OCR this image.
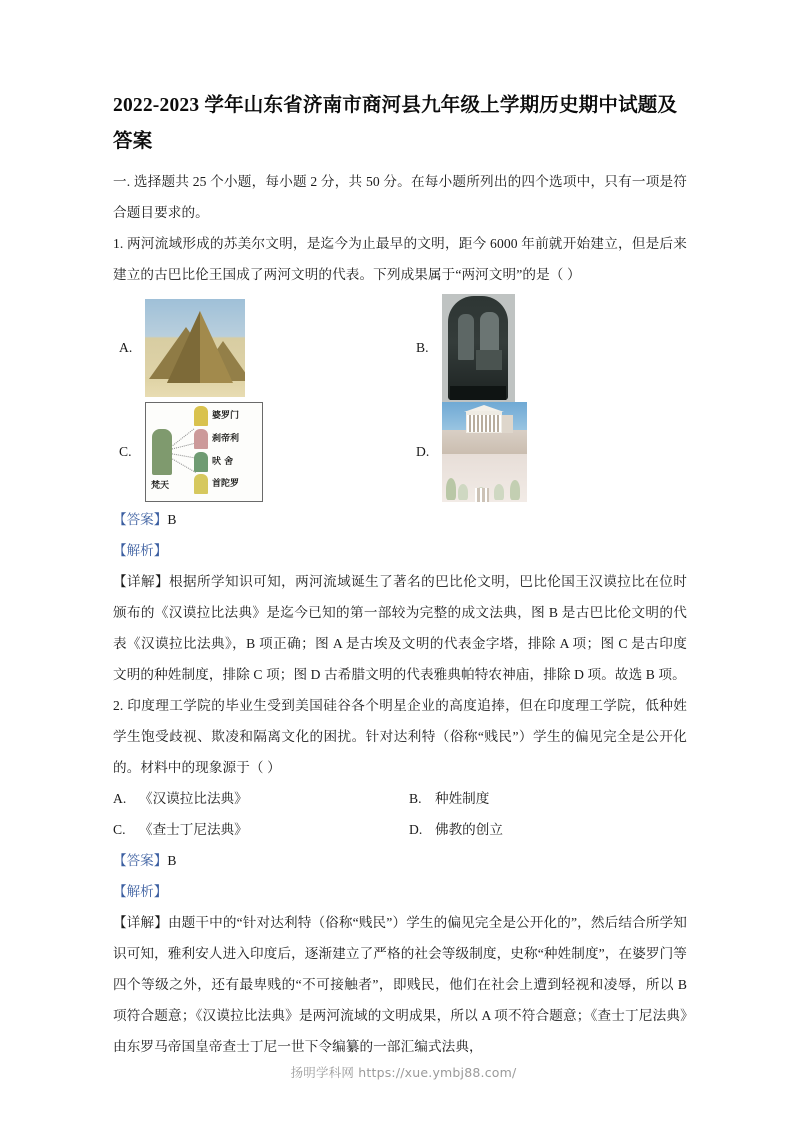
2022-2023 学年山东省济南市商河县九年级上学期历史期中试题及答案

一. 选择题共 25 个小题，每小题 2 分，共 50 分。在每小题所列出的四个选项中，只有一项是符合题目要求的。

1. 两河流域形成的苏美尔文明，是迄今为止最早的文明，距今 6000 年前就开始建立，但是后来建立的古巴比伦王国成了两河文明的代表。下列成果属于“两河文明”的是（ ）

A.	B.
C.
婆罗门
刹帝利
吠 舍
首陀罗
梵天
D.

【答案】B

【解析】

【详解】根据所学知识可知，两河流域诞生了著名的巴比伦文明，巴比伦国王汉谟拉比在位时颁布的《汉谟拉比法典》是迄今已知的第一部较为完整的成文法典，图 B 是古巴比伦文明的代表《汉谟拉比法典》，B 项正确；图 A 是古埃及文明的代表金字塔，排除 A 项；图 C 是古印度文明的种姓制度，排除 C 项；图 D 古希腊文明的代表雅典帕特农神庙，排除 D 项。故选 B 项。

2. 印度理工学院的毕业生受到美国硅谷各个明星企业的高度追捧，但在印度理工学院，低种姓学生饱受歧视、欺凌和隔离文化的困扰。针对达利特（俗称“贱民”）学生的偏见完全是公开化的。材料中的现象源于（ ）

A. 《汉谟拉比法典》	B. 种姓制度
C. 《查士丁尼法典》	D. 佛教的创立

【答案】B

【解析】

【详解】由题干中的“针对达利特（俗称“贱民”）学生的偏见完全是公开化的”，然后结合所学知识可知，雅利安人进入印度后，逐渐建立了严格的社会等级制度，史称“种姓制度”，在婆罗门等四个等级之外，还有最卑贱的“不可接触者”，即贱民，他们在社会上遭到轻视和凌辱，所以 B 项符合题意；《汉谟拉比法典》是两河流域的文明成果，所以 A 项不符合题意；《查士丁尼法典》由东罗马帝国皇帝查士丁尼一世下令编纂的一部汇编式法典，

扬明学科网 https://xue.ymbj88.com/
